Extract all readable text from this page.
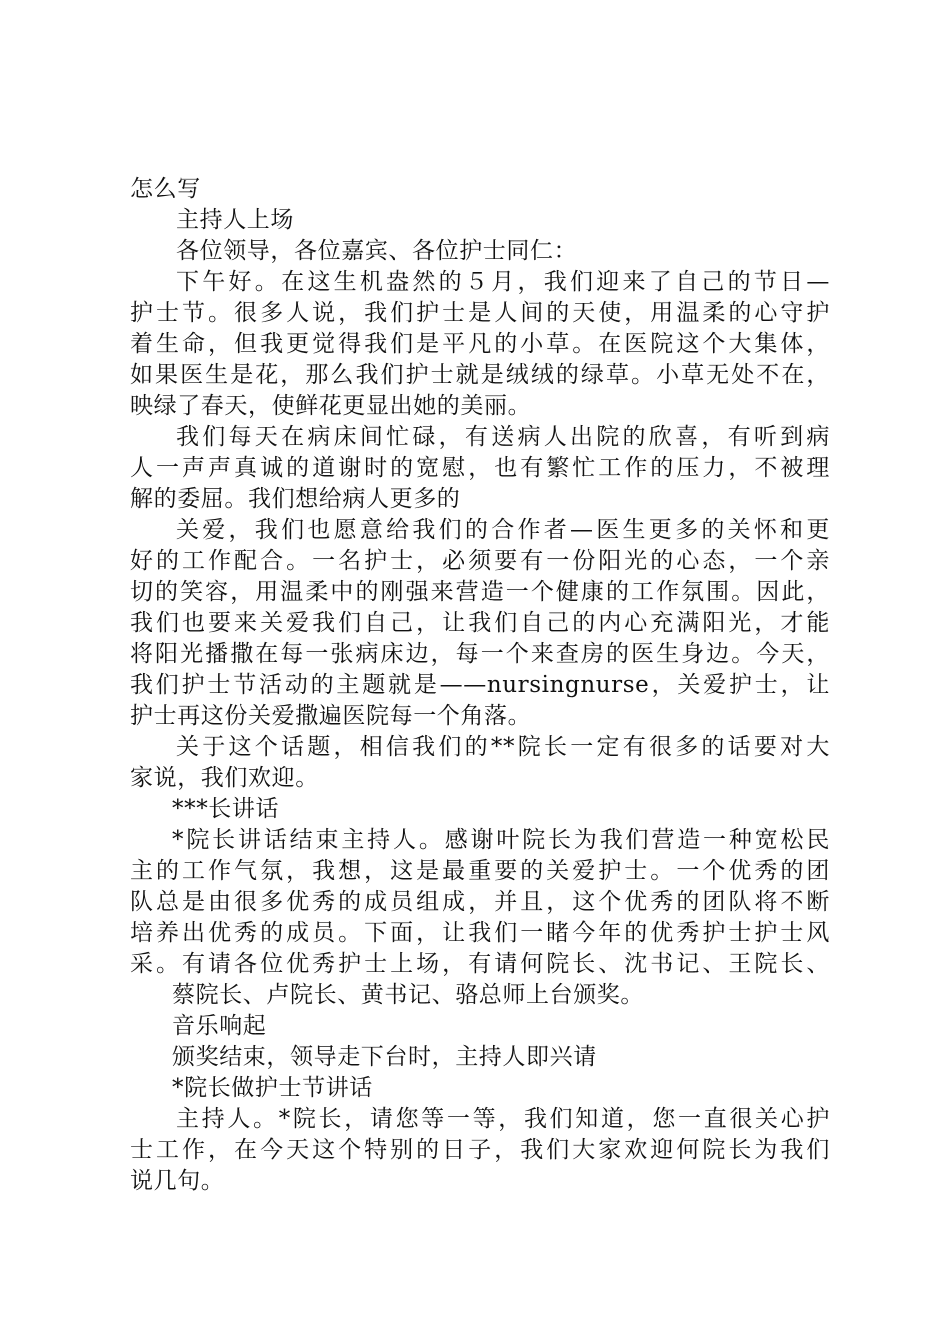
怎么写
主持人上场
各位领导，各位嘉宾、各位护士同仁：
下午好。在这生机盎然的５月，我们迎来了自己的节日—
护士节。很多人说，我们护士是人间的天使，用温柔的心守护
着生命，但我更觉得我们是平凡的小草。在医院这个大集体，
如果医生是花，那么我们护士就是绒绒的绿草。小草无处不在，
映绿了春天，使鲜花更显出她的美丽。
我们每天在病床间忙碌，有送病人出院的欣喜，有听到病
人一声声真诚的道谢时的宽慰，也有繁忙工作的压力，不被理
解的委屈。我们想给病人更多的
关爱，我们也愿意给我们的合作者—医生更多的关怀和更
好的工作配合。一名护士，必须要有一份阳光的心态，一个亲
切的笑容，用温柔中的刚强来营造一个健康的工作氛围。因此，
我们也要来关爱我们自己，让我们自己的内心充满阳光，才能
将阳光播撒在每一张病床边，每一个来查房的医生身边。今天，
我们护士节活动的主题就是——nursingnurse，关爱护士，让
护士再这份关爱撒遍医院每一个角落。
关于这个话题，相信我们的**院长一定有很多的话要对大
家说，我们欢迎。
***长讲话
*院长讲话结束主持人。感谢叶院长为我们营造一种宽松民
主的工作气氛，我想，这是最重要的关爱护士。一个优秀的团
队总是由很多优秀的成员组成，并且，这个优秀的团队将不断
培养出优秀的成员。下面，让我们一睹今年的优秀护士护士风
采。有请各位优秀护士上场，有请何院长、沈书记、王院长、
蔡院长、卢院长、黄书记、骆总师上台颁奖。
音乐响起
颁奖结束，领导走下台时，主持人即兴请
*院长做护士节讲话
主持人。*院长，请您等一等，我们知道，您一直很关心护
士工作，在今天这个特别的日子，我们大家欢迎何院长为我们
说几句。
